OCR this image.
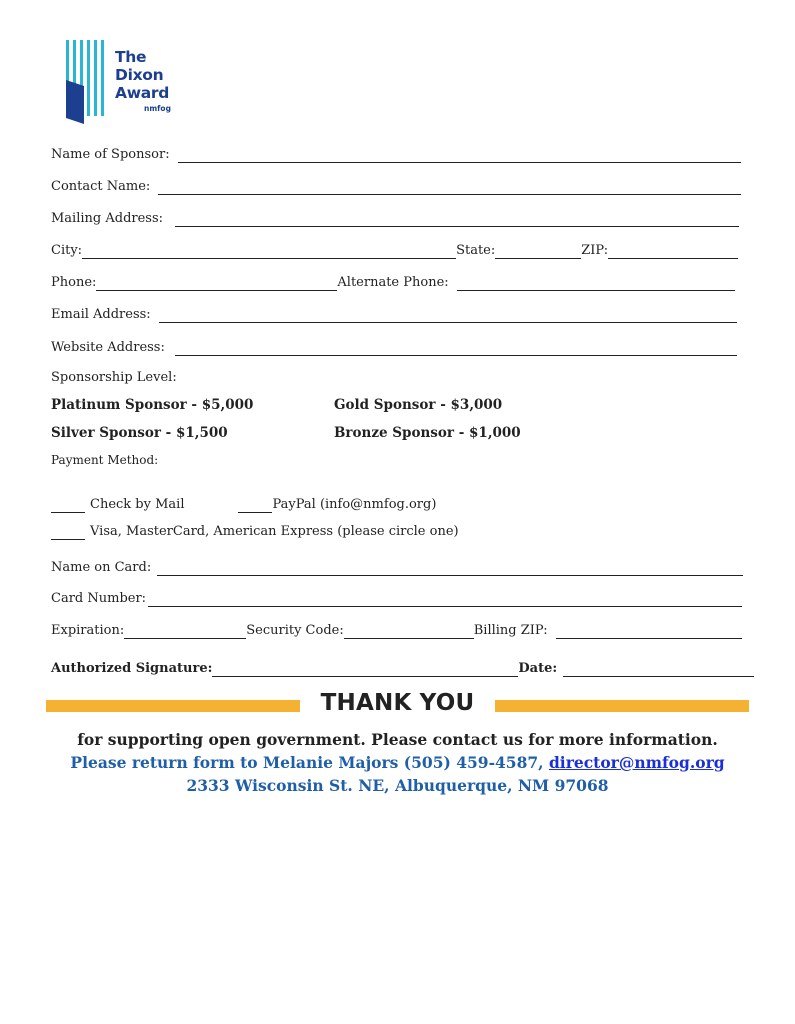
The
Dixon
Award
nmfog
Name of Sponsor:
Contact Name:
Mailing Address:
City:	State:	ZIP:
Phone:	Alternate Phone:
Email Address:
Website Address:
Sponsorship Level:
Platinum Sponsor - $5,000	Gold Sponsor - $3,000
Silver Sponsor - $1,500	Bronze Sponsor - $1,000
Payment Method:
Check by Mail	PayPal (info@nmfog.org)
Visa, MasterCard, American Express (please circle one)
Name on Card:
Card Number:
Expiration:	Security Code:	Billing ZIP:
Authorized Signature:	Date:
THANK YOU
for supporting open government. Please contact us for more information.
Please return form to Melanie Majors (505) 459-4587, director@nmfog.org
2333 Wisconsin St. NE, Albuquerque, NM 97068
